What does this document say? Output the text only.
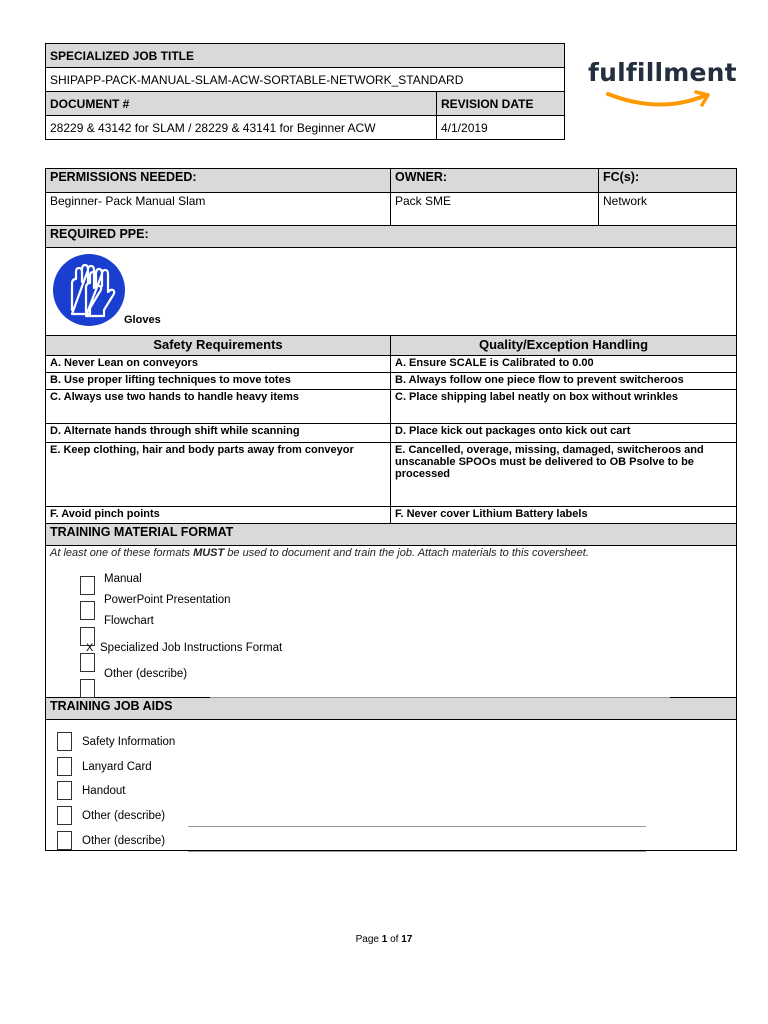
SPECIALIZED JOB TITLE	
SHIPAPP-PACK-MANUAL-SLAM-ACW-SORTABLE-NETWORK_STANDARD	
DOCUMENT #	REVISION DATE
28229 & 43142 for SLAM / 28229 & 43141 for Beginner ACW	4/1/2019
fulfillment
PERMISSIONS NEEDED:	OWNER:	FC(s):
Beginner- Pack Manual Slam	Pack SME	Network
REQUIRED PPE:		

Safety Requirements	Quality/Exception Handling	
A. Never Lean on conveyors	A. Ensure SCALE is Calibrated to 0.00	
B. Use proper lifting techniques to move totes	B. Always follow one piece flow to prevent switcheroos	
C. Always use two hands to handle heavy items	C. Place shipping label neatly on box without wrinkles	
D. Alternate hands through shift while scanning	D. Place kick out packages onto kick out cart	
E. Keep clothing, hair and body parts away from conveyor	E. Cancelled, overage, missing, damaged, switcheroos and unscanable SPOOs must be delivered to OB Psolve to be processed	
F. Avoid pinch points	F. Never cover Lithium Battery labels	
TRAINING MATERIAL FORMAT		

At least one of these formats MUST be used to document and train the job. Attach materials to this coversheet.		

TRAINING JOB AIDS		

Gloves
Manual
PowerPoint Presentation
Flowchart
X Specialized Job Instructions Format
Other (describe)
Safety Information
Lanyard Card
Handout
Other (describe)
Other (describe)
Page 1 of 17
